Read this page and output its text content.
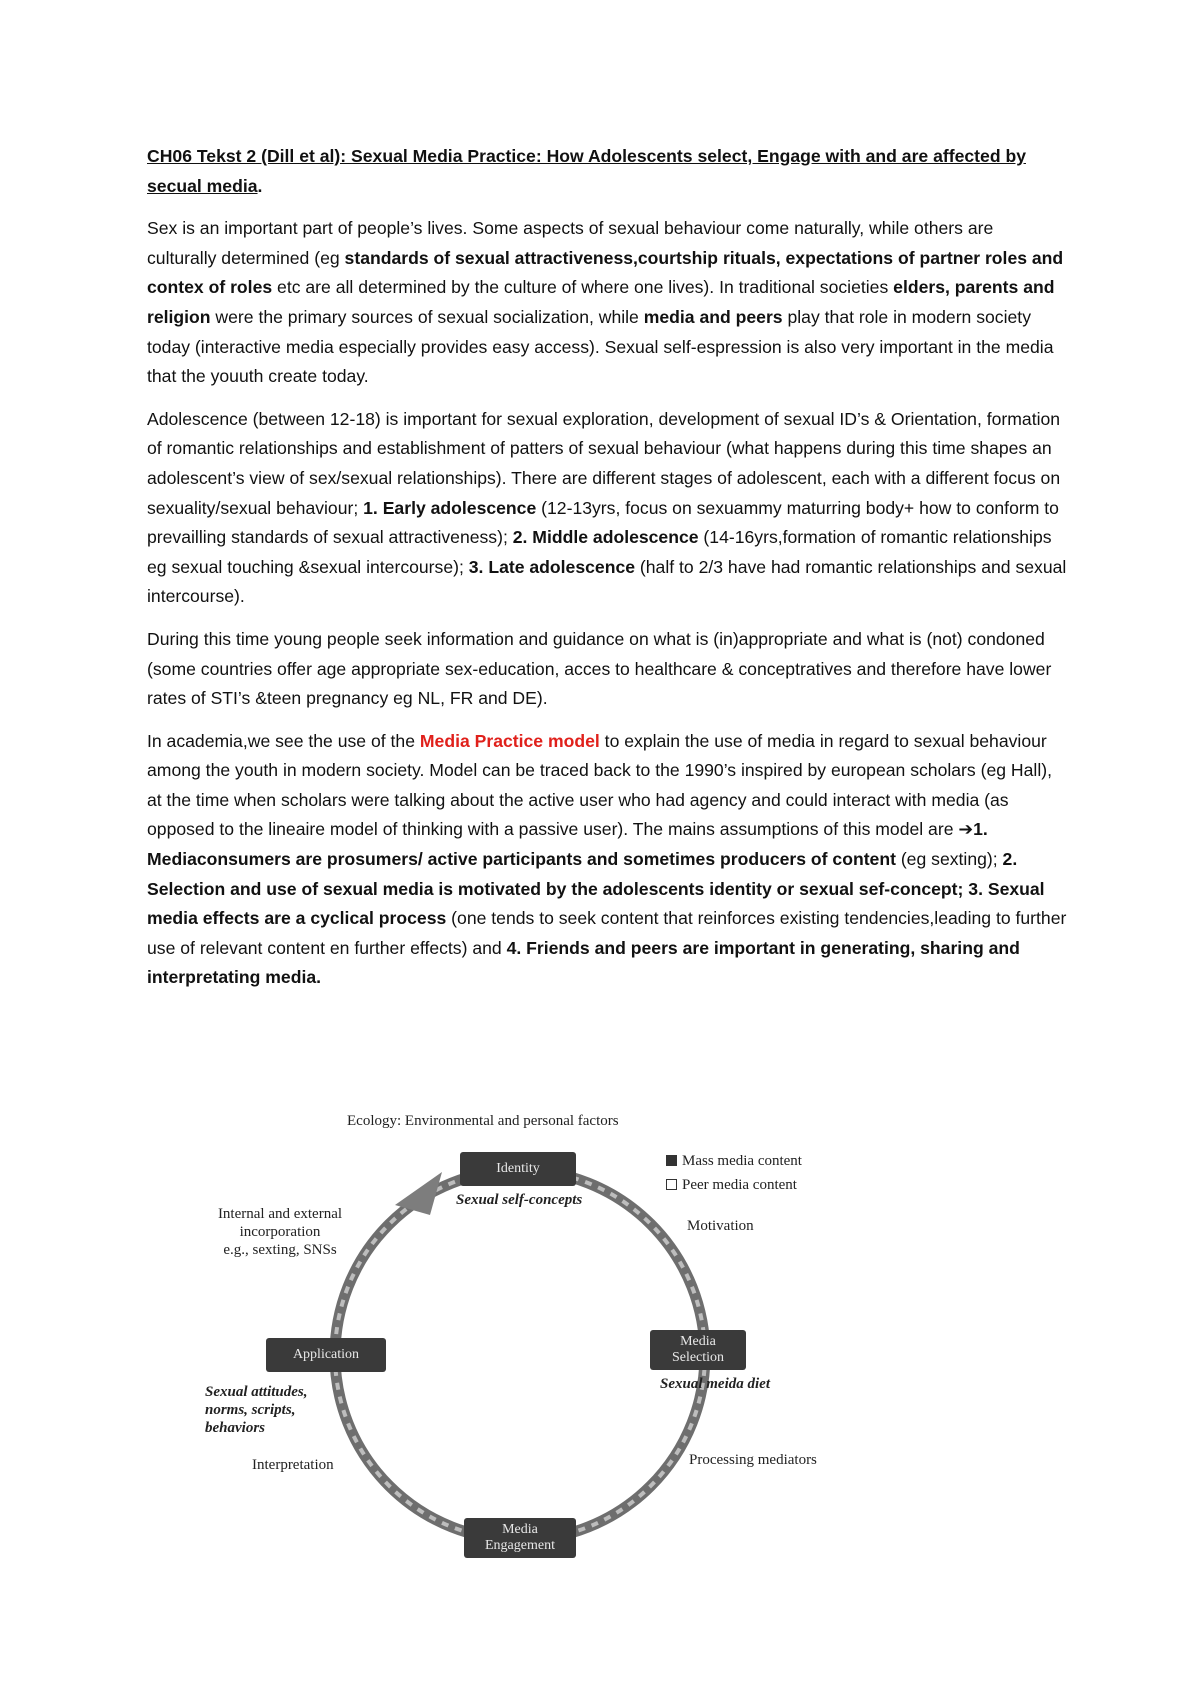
CH06 Tekst 2 (Dill et al): Sexual Media Practice: How Adolescents select, Engage with and are affected by secual media.

Sex is an important part of people’s lives. Some aspects of sexual behaviour come naturally, while others are culturally determined (eg standards of sexual attractiveness,courtship rituals, expectations of partner roles and contex of roles etc are all determined by the culture of where one lives). In traditional societies elders, parents and religion were the primary sources of sexual socialization, while media and peers play that role in modern society today (interactive media especially provides easy access). Sexual self-espression is also very important in the media that the youuth create today.

Adolescence (between 12-18) is important for sexual exploration, development of sexual ID’s & Orientation, formation of romantic relationships and establishment of patters of sexual behaviour (what happens during this time shapes an adolescent’s view of sex/sexual relationships). There are different stages of adolescent, each with a different focus on sexuality/sexual behaviour; 1. Early adolescence (12-13yrs, focus on sexuammy maturring body+ how to conform to prevailling standards of sexual attractiveness); 2. Middle adolescence (14-16yrs,formation of romantic relationships eg sexual touching &sexual intercourse); 3. Late adolescence (half to 2/3 have had romantic relationships and sexual intercourse).

During this time young people seek information and guidance on what is (in)appropriate and what is (not) condoned (some countries offer age appropriate sex-education, acces to healthcare & conceptratives and therefore have lower rates of STI’s &teen pregnancy eg NL, FR and DE).

In academia,we see the use of the Media Practice model to explain the use of media in regard to sexual behaviour among the youth in modern society. Model can be traced back to the 1990’s inspired by european scholars (eg Hall), at the time when scholars were talking about the active user who had agency and could interact with media (as opposed to the lineaire model of thinking with a passive user). The mains assumptions of this model are ➔1. Mediaconsumers are prosumers/ active participants and sometimes producers of content (eg sexting); 2. Selection and use of sexual media is motivated by the adolescents identity or sexual sef-concept; 3. Sexual media effects are a cyclical process (one tends to seek content that reinforces existing tendencies,leading to further use of relevant content en further effects) and 4. Friends and peers are important in generating, sharing and interpretating media.

Ecology: Environmental and personal factors
Mass media content
Peer media content
Identity
Sexual self-concepts
Motivation
Internal and external
incorporation
e.g., sexting, SNSs
Application
Sexual attitudes,
norms, scripts,
behaviors
Media
Selection
Sexual meida diet
Processing mediators
Interpretation
Media
Engagement
